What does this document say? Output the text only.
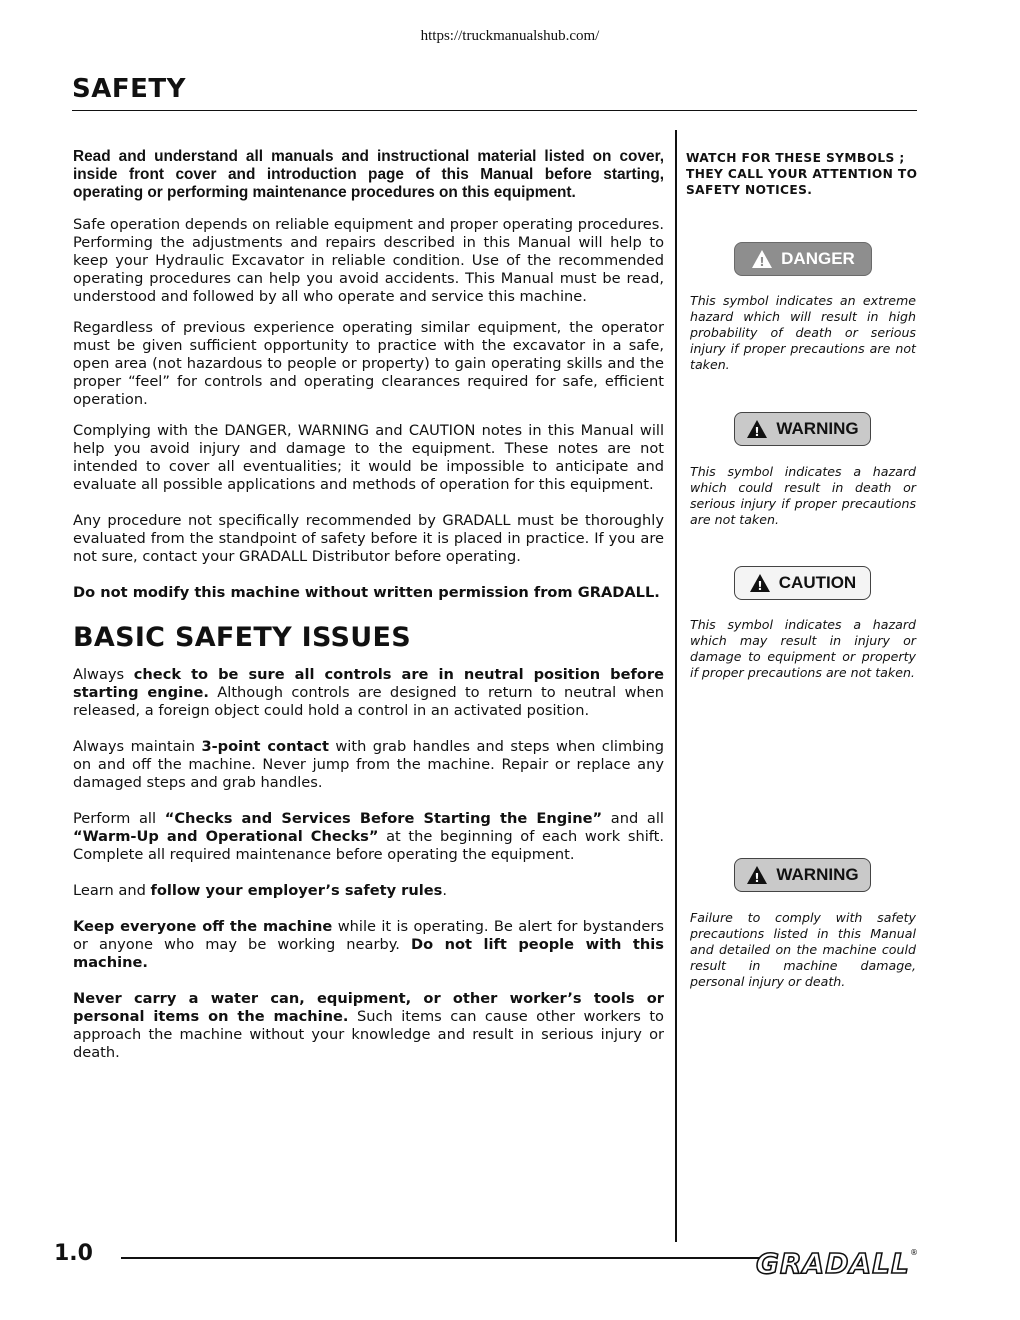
https://truckmanualshub.com/
SAFETY

Read and understand all manuals and instructional material listed on cover, inside front cover and introduction page of this Manual before starting, operating or performing maintenance procedures on this equipment.

Safe operation depends on reliable equipment and proper operating procedures. Performing the adjustments and repairs described in this Manual will help to keep your Hydraulic Excavator in reliable condition. Use of the recommended operating procedures can help you avoid accidents. This Manual must be read, understood and followed by all who operate and service this machine.

Regardless of previous experience operating similar equipment, the operator must be given sufficient opportunity to practice with the excavator in a safe, open area (not hazardous to people or property) to gain operating skills and the proper “feel” for controls and operating clearances required for safe, efficient operation.

Complying with the DANGER, WARNING and CAUTION notes in this Manual will help you avoid injury and damage to the equipment. These notes are not intended to cover all eventualities; it would be impossible to anticipate and evaluate all possible applications and methods of operation for this equipment.

Any procedure not specifically recommended by GRADALL must be thoroughly evaluated from the standpoint of safety before it is placed in practice. If you are not sure, contact your GRADALL Distributor before operating.

Do not modify this machine without written permission from GRADALL.

BASIC SAFETY ISSUES

Always check to be sure all controls are in neutral position before starting engine. Although controls are designed to return to neutral when released, a foreign object could hold a control in an activated position.

Always maintain 3-point contact with grab handles and steps when climbing on and off the machine. Never jump from the machine. Repair or replace any damaged steps and grab handles.

Perform all “Checks and Services Before Starting the Engine” and all “Warm-Up and Operational Checks” at the beginning of each work shift. Complete all required maintenance before operating the equipment.

Learn and follow your employer’s safety rules.

Keep everyone off the machine while it is operating. Be alert for bystanders or anyone who may be working nearby. Do not lift people with this machine.

Never carry a water can, equipment, or other worker’s tools or personal items on the machine. Such items can cause other workers to approach the machine without your knowledge and result in serious injury or death.

WATCH FOR THESE SYMBOLS ; THEY CALL YOUR ATTENTION TO SAFETY NOTICES.

! DANGER

This symbol indicates an extreme hazard which will result in high probability of death or serious injury if proper precautions are not taken.

! WARNING

This symbol indicates a hazard which could result in death or serious injury if proper precautions are not taken.

! CAUTION

This symbol indicates a hazard which may result in injury or damage to equipment or property if proper precautions are not taken.

! WARNING

Failure to comply with safety precautions listed in this Manual and detailed on the machine could result in machine damage, personal injury or death.

1.0	GRADALL ®
